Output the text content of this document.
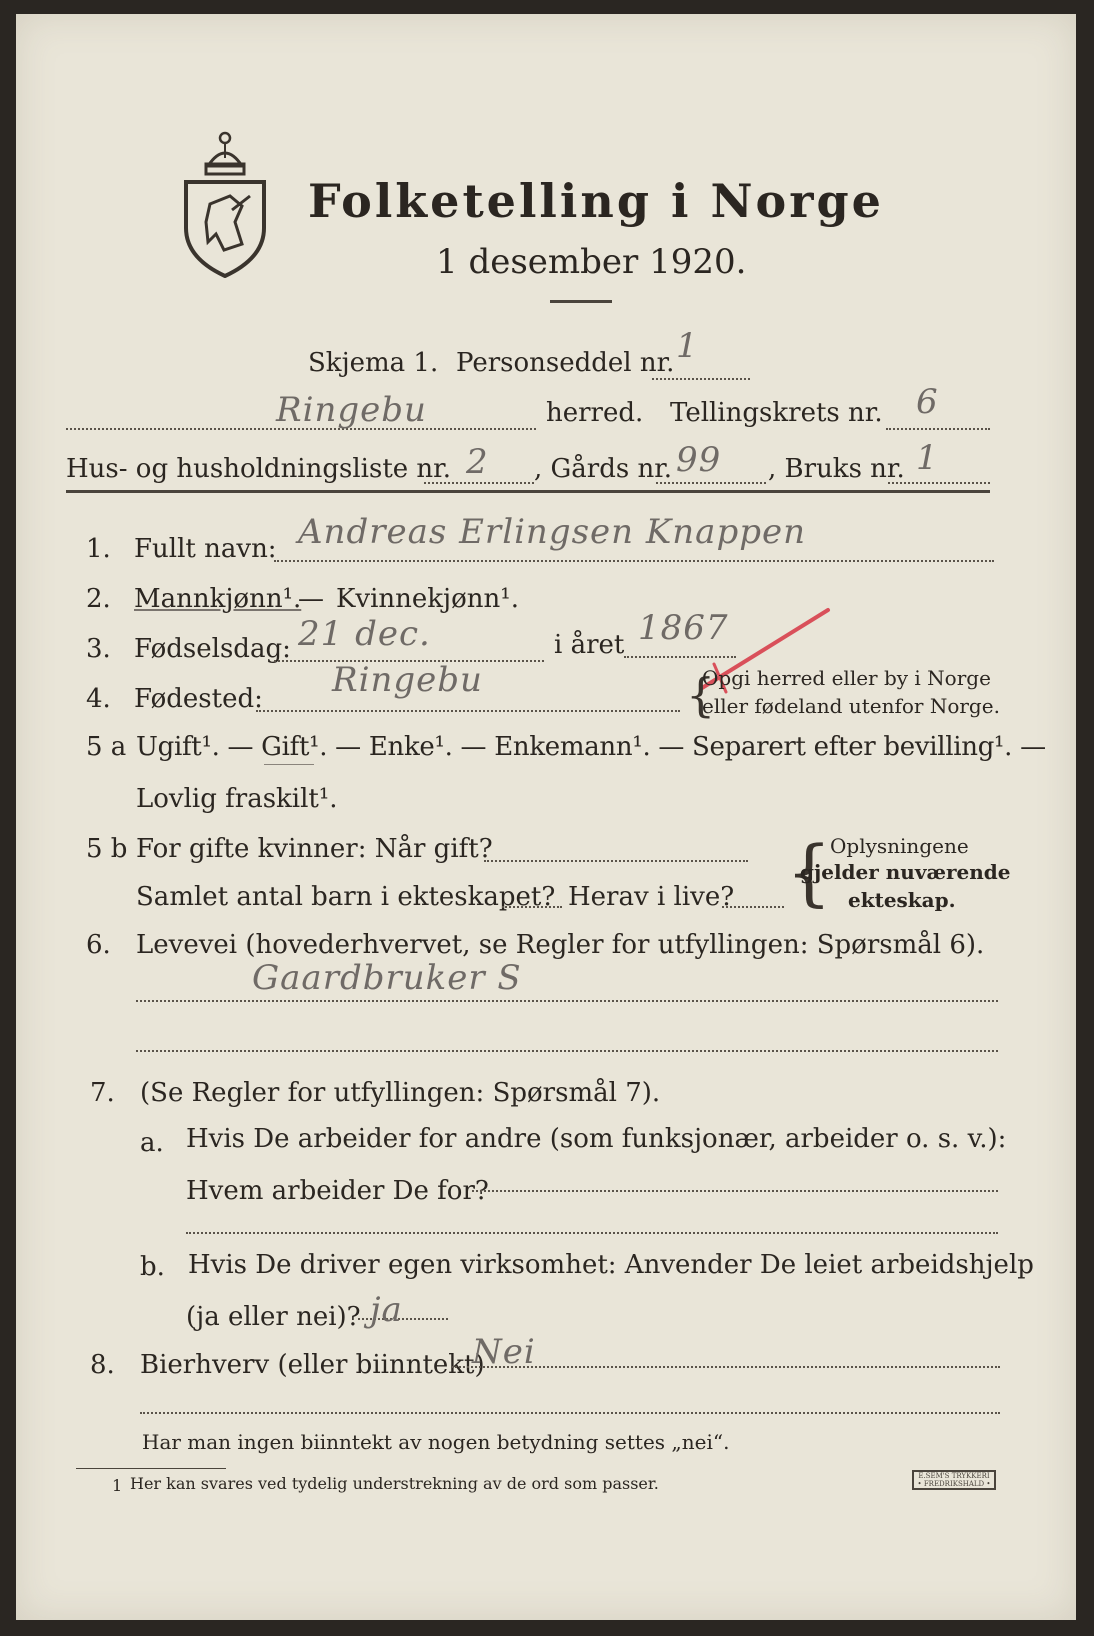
Folketelling i Norge
1 desember 1920.
Skjema 1. Personseddel nr. 1
Ringebu	herred. Tellingskrets nr. 6
Hus- og husholdningsliste nr. 2 , Gårds nr. 99 , Bruks nr. 1
1. Fullt navn: Andreas Erlingsen Knappen
2. Mannkjønn¹.
— Kvinnekjønn¹.
3. Fødselsdag: 21 dec.	i året 1867
4. Fødested: Ringebu	{
Opgi herred eller by i Norge
eller fødeland utenfor Norge.
5 a Ugift¹. — Gift¹. — Enke¹. — Enkemann¹. — Separert efter bevilling¹. —
Lovlig fraskilt¹.
5 b For gifte kvinner: Når gift?
Samlet antal barn i ekteskapet? Herav i live? {
Oplysningene
gjelder nuværende
ekteskap.
6. Levevei (hovederhvervet, se Regler for utfyllingen: Spørsmål 6).
Gaardbruker S
7. (Se Regler for utfyllingen: Spørsmål 7).
a. Hvis De arbeider for andre (som funksjonær, arbeider o. s. v.):
Hvem arbeider De for?
b. Hvis De driver egen virksomhet: Anvender De leiet arbeidshjelp
(ja eller nei)? ja
8. Bierhverv (eller biinntekt)
Nei
Har man ingen biinntekt av nogen betydning settes „nei“.
1 Her kan svares ved tydelig understrekning av de ord som passer.	E.SEM'S TRYKKERI
• FREDRIKSHALD •
